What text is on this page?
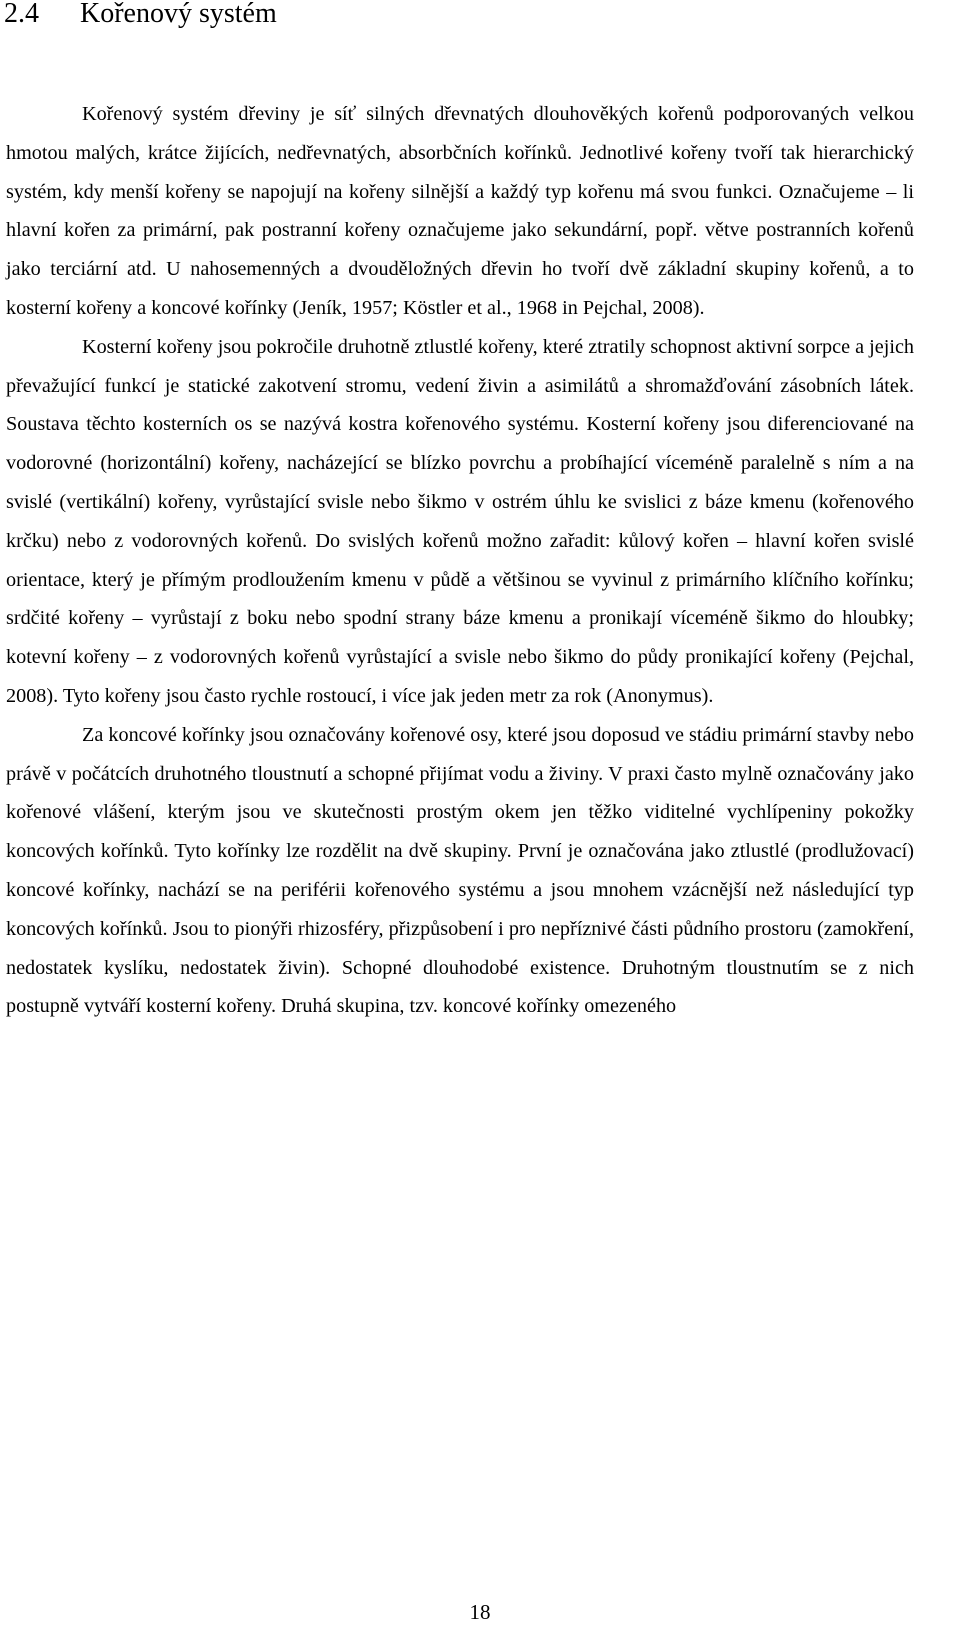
2.4 Kořenový systém

Kořenový systém dřeviny je síť silných dřevnatých dlouhověkých kořenů podporovaných velkou hmotou malých, krátce žijících, nedřevnatých, absorbčních kořínků. Jednotlivé kořeny tvoří tak hierarchický systém, kdy menší kořeny se napojují na kořeny silnější a každý typ kořenu má svou funkci. Označujeme – li hlavní kořen za primární, pak postranní kořeny označujeme jako sekundární, popř. větve postranních kořenů jako terciární atd. U nahosemenných a dvouděložných dřevin ho tvoří dvě základní skupiny kořenů, a to kosterní kořeny a koncové kořínky (Jeník, 1957; Köstler et al., 1968 in Pejchal, 2008).

Kosterní kořeny jsou pokročile druhotně ztlustlé kořeny, které ztratily schopnost aktivní sorpce a jejich převažující funkcí je statické zakotvení stromu, vedení živin a asimilátů a shromažďování zásobních látek. Soustava těchto kosterních os se nazývá kostra kořenového systému. Kosterní kořeny jsou diferenciované na vodorovné (horizontální) kořeny, nacházející se blízko povrchu a probíhající víceméně paralelně s ním a na svislé (vertikální) kořeny, vyrůstající svisle nebo šikmo v ostrém úhlu ke svislici z báze kmenu (kořenového krčku) nebo z vodorovných kořenů. Do svislých kořenů možno zařadit: kůlový kořen – hlavní kořen svislé orientace, který je přímým prodloužením kmenu v půdě a většinou se vyvinul z primárního klíčního kořínku; srdčité kořeny – vyrůstají z boku nebo spodní strany báze kmenu a pronikají víceméně šikmo do hloubky; kotevní kořeny – z vodorovných kořenů vyrůstající a svisle nebo šikmo do půdy pronikající kořeny (Pejchal, 2008). Tyto kořeny jsou často rychle rostoucí, i více jak jeden metr za rok (Anonymus).

Za koncové kořínky jsou označovány kořenové osy, které jsou doposud ve stádiu primární stavby nebo právě v počátcích druhotného tloustnutí a schopné přijímat vodu a živiny. V praxi často mylně označovány jako kořenové vlášení, kterým jsou ve skutečnosti prostým okem jen těžko viditelné vychlípeniny pokožky koncových kořínků. Tyto kořínky lze rozdělit na dvě skupiny. První je označována jako ztlustlé (prodlužovací) koncové kořínky, nachází se na periférii kořenového systému a jsou mnohem vzácnější než následující typ koncových kořínků. Jsou to pionýři rhizosféry, přizpůsobení i pro nepříznivé části půdního prostoru (zamokření, nedostatek kyslíku, nedostatek živin). Schopné dlouhodobé existence. Druhotným tloustnutím se z nich postupně vytváří kosterní kořeny. Druhá skupina, tzv. koncové kořínky omezeného

18
